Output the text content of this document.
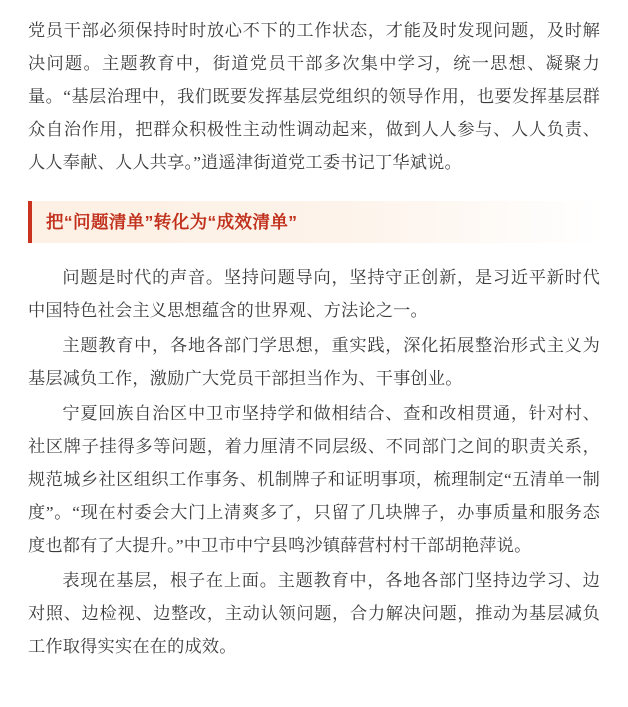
党员干部必须保持时时放心不下的工作状态，才能及时发现问题，及时解决问题。主题教育中，街道党员干部多次集中学习，统一思想、凝聚力量。“基层治理中，我们既要发挥基层党组织的领导作用，也要发挥基层群众自治作用，把群众积极性主动性调动起来，做到人人参与、人人负责、人人奉献、人人共享。”逍遥津街道党工委书记丁华斌说。

把“问题清单”转化为“成效清单”

问题是时代的声音。坚持问题导向，坚持守正创新，是习近平新时代中国特色社会主义思想蕴含的世界观、方法论之一。

主题教育中，各地各部门学思想，重实践，深化拓展整治形式主义为基层减负工作，激励广大党员干部担当作为、干事创业。

宁夏回族自治区中卫市坚持学和做相结合、查和改相贯通，针对村、社区牌子挂得多等问题，着力厘清不同层级、不同部门之间的职责关系，规范城乡社区组织工作事务、机制牌子和证明事项，梳理制定“五清单一制度”。“现在村委会大门上清爽多了，只留了几块牌子，办事质量和服务态度也都有了大提升。”中卫市中宁县鸣沙镇薛营村村干部胡艳萍说。

表现在基层，根子在上面。主题教育中，各地各部门坚持边学习、边对照、边检视、边整改，主动认领问题，合力解决问题，推动为基层减负工作取得实实在在的成效。
